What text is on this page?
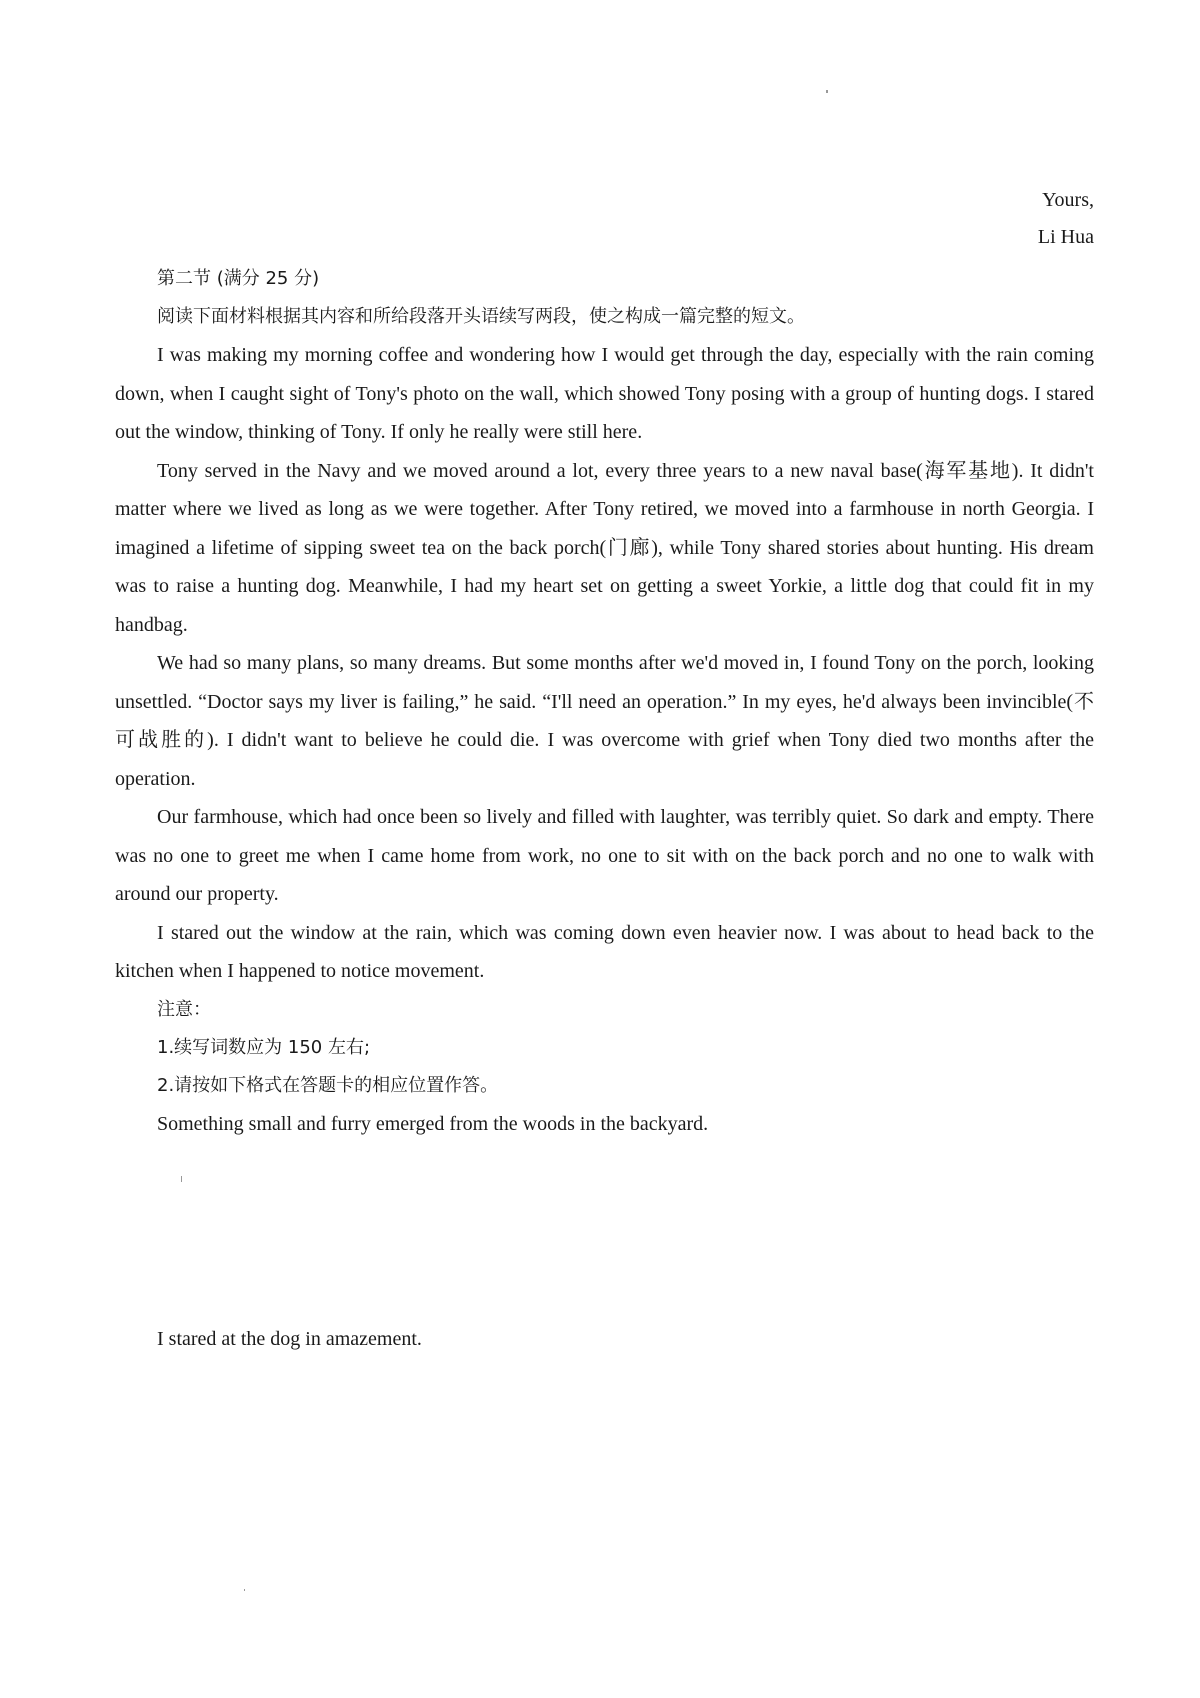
Yours,
Li Hua

第二节 (满分 25 分)

阅读下面材料根据其内容和所给段落开头语续写两段，使之构成一篇完整的短文。

I was making my morning coffee and wondering how I would get through the day, especially with the rain coming down, when I caught sight of Tony's photo on the wall, which showed Tony posing with a group of hunting dogs. I stared out the window, thinking of Tony. If only he really were still here.

Tony served in the Navy and we moved around a lot, every three years to a new naval base(海军基地). It didn't matter where we lived as long as we were together. After Tony retired, we moved into a farmhouse in north Georgia. I imagined a lifetime of sipping sweet tea on the back porch(门廊), while Tony shared stories about hunting. His dream was to raise a hunting dog. Meanwhile, I had my heart set on getting a sweet Yorkie, a little dog that could fit in my handbag.

We had so many plans, so many dreams. But some months after we'd moved in, I found Tony on the porch, looking unsettled. “Doctor says my liver is failing,” he said. “I'll need an operation.” In my eyes, he'd always been invincible(不可战胜的). I didn't want to believe he could die. I was overcome with grief when Tony died two months after the operation.

Our farmhouse, which had once been so lively and filled with laughter, was terribly quiet. So dark and empty. There was no one to greet me when I came home from work, no one to sit with on the back porch and no one to walk with around our property.

I stared out the window at the rain, which was coming down even heavier now. I was about to head back to the kitchen when I happened to notice movement.

注意：

1.续写词数应为 150 左右;

2.请按如下格式在答题卡的相应位置作答。

Something small and furry emerged from the woods in the backyard.

I stared at the dog in amazement.
